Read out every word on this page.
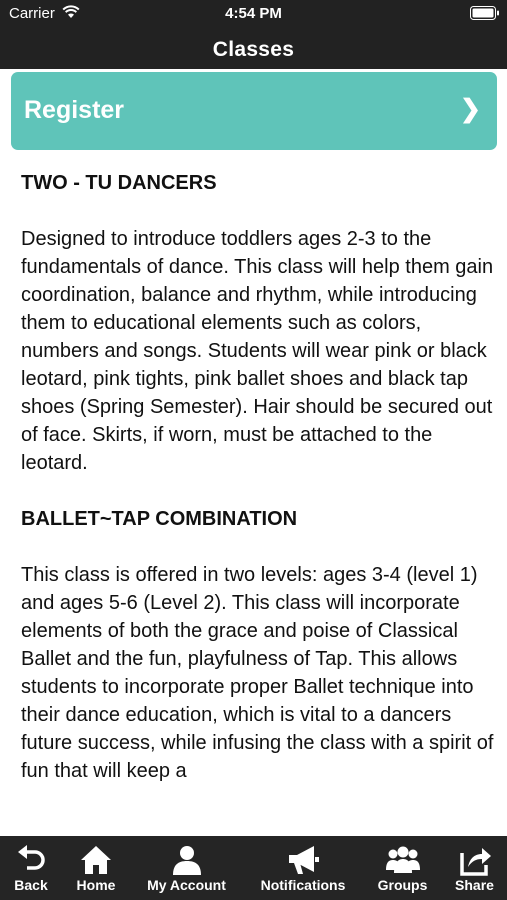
Carrier	4:54 PM
Classes
Register	❯
TWO - TU DANCERS

Designed to introduce toddlers ages 2-3 to the fundamentals of dance. This class will help them gain coordination, balance and rhythm, while introducing them to educational elements such as colors, numbers and songs. Students will wear pink or black leotard, pink tights, pink ballet shoes and black tap shoes (Spring Semester). Hair should be secured out of face. Skirts, if worn, must be attached to the leotard.

BALLET~TAP COMBINATION

This class is offered in two levels: ages 3-4 (level 1) and ages 5-6 (Level 2). This class will incorporate elements of both the grace and poise of Classical Ballet and the fun, playfulness of Tap. This allows students to incorporate proper Ballet technique into their dance education, which is vital to a dancers future success, while infusing the class with a spirit of fun that will keep a

Back	Home	My Account	Notifications	Groups	Share
